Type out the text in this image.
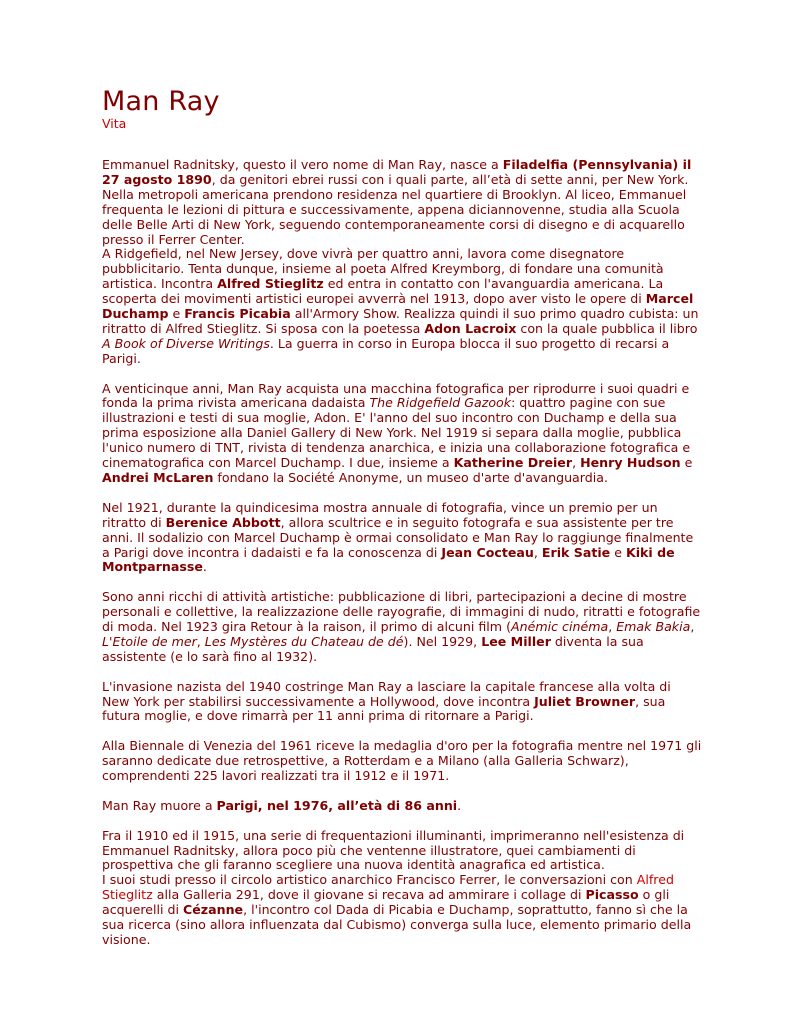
Man Ray
Vita

Emmanuel Radnitsky, questo il vero nome di Man Ray, nasce a Filadelfia (Pennsylvania) il 27 agosto 1890, da genitori ebrei russi con i quali parte, all’età di sette anni, per New York. Nella metropoli americana prendono residenza nel quartiere di Brooklyn. Al liceo, Emmanuel frequenta le lezioni di pittura e successivamente, appena diciannovenne, studia alla Scuola delle Belle Arti di New York, seguendo contemporaneamente corsi di disegno e di acquarello presso il Ferrer Center.
A Ridgefield, nel New Jersey, dove vivrà per quattro anni, lavora come disegnatore pubblicitario. Tenta dunque, insieme al poeta Alfred Kreymborg, di fondare una comunità artistica. Incontra Alfred Stieglitz ed entra in contatto con l'avanguardia americana. La scoperta dei movimenti artistici europei avverrà nel 1913, dopo aver visto le opere di Marcel Duchamp e Francis Picabia all'Armory Show. Realizza quindi il suo primo quadro cubista: un ritratto di Alfred Stieglitz. Si sposa con la poetessa Adon Lacroix con la quale pubblica il libro A Book of Diverse Writings. La guerra in corso in Europa blocca il suo progetto di recarsi a Parigi.

A venticinque anni, Man Ray acquista una macchina fotografica per riprodurre i suoi quadri e fonda la prima rivista americana dadaista The Ridgefield Gazook: quattro pagine con sue illustrazioni e testi di sua moglie, Adon. E' l'anno del suo incontro con Duchamp e della sua prima esposizione alla Daniel Gallery di New York. Nel 1919 si separa dalla moglie, pubblica l'unico numero di TNT, rivista di tendenza anarchica, e inizia una collaborazione fotografica e cinematografica con Marcel Duchamp. I due, insieme a Katherine Dreier, Henry Hudson e Andrei McLaren fondano la Société Anonyme, un museo d'arte d'avanguardia.

Nel 1921, durante la quindicesima mostra annuale di fotografia, vince un premio per un ritratto di Berenice Abbott, allora scultrice e in seguito fotografa e sua assistente per tre anni. Il sodalizio con Marcel Duchamp è ormai consolidato e Man Ray lo raggiunge finalmente a Parigi dove incontra i dadaisti e fa la conoscenza di Jean Cocteau, Erik Satie e Kiki de Montparnasse.

Sono anni ricchi di attività artistiche: pubblicazione di libri, partecipazioni a decine di mostre personali e collettive, la realizzazione delle rayografie, di immagini di nudo, ritratti e fotografie di moda. Nel 1923 gira Retour à la raison, il primo di alcuni film (Anémic cinéma, Emak Bakia, L'Etoile de mer, Les Mystères du Chateau de dé). Nel 1929, Lee Miller diventa la sua assistente (e lo sarà fino al 1932).

L'invasione nazista del 1940 costringe Man Ray a lasciare la capitale francese alla volta di New York per stabilirsi successivamente a Hollywood, dove incontra Juliet Browner, sua futura moglie, e dove rimarrà per 11 anni prima di ritornare a Parigi.

Alla Biennale di Venezia del 1961 riceve la medaglia d'oro per la fotografia mentre nel 1971 gli saranno dedicate due retrospettive, a Rotterdam e a Milano (alla Galleria Schwarz), comprendenti 225 lavori realizzati tra il 1912 e il 1971.

Man Ray muore a Parigi, nel 1976, all’età di 86 anni.

Fra il 1910 ed il 1915, una serie di frequentazioni illuminanti, imprimeranno nell'esistenza di Emmanuel Radnitsky, allora poco più che ventenne illustratore, quei cambiamenti di prospettiva che gli faranno scegliere una nuova identità anagrafica ed artistica.
I suoi studi presso il circolo artistico anarchico Francisco Ferrer, le conversazioni con Alfred Stieglitz alla Galleria 291, dove il giovane si recava ad ammirare i collage di Picasso o gli acquerelli di Cézanne, l'incontro col Dada di Picabia e Duchamp, soprattutto, fanno sì che la sua ricerca (sino allora influenzata dal Cubismo) converga sulla luce, elemento primario della visione.
